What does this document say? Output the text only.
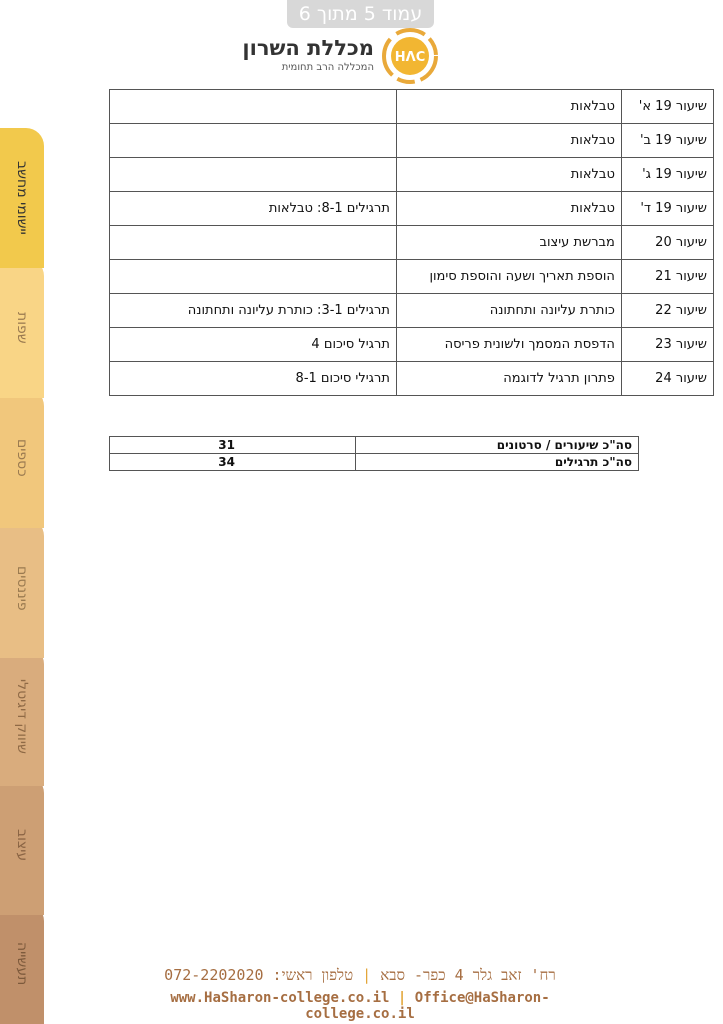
עמוד 5 מתוך 6
HΛC
מכללת השרון
המכללה הרב תחומית
יישומי מחשב
שפות
כספים
פיננסים
שיווק דיגיטלי
עיצוב
תעשייה
שיעור 19 א'	טבלאות	
שיעור 19 ב'	טבלאות	
שיעור 19 ג'	טבלאות	
שיעור 19 ד'	טבלאות	תרגילים 8-1: טבלאות
שיעור 20	מברשת עיצוב	
שיעור 21	הוספת תאריך ושעה והוספת סימון	
שיעור 22	כותרת עליונה ותחתונה	תרגילים 3-1: כותרת עליונה ותחתונה
שיעור 23	הדפסת המסמך ולשונית פריסה	תרגיל סיכום 4
שיעור 24	פתרון תרגיל לדוגמה	תרגילי סיכום 8-1
סה"כ שיעורים / סרטונים	31
סה"כ תרגילים	34
רח' זאב גלר 4 כפר- סבא | טלפון ראשי: 072-2202020
www.HaSharon-college.co.il | Office@HaSharon-college.co.il
